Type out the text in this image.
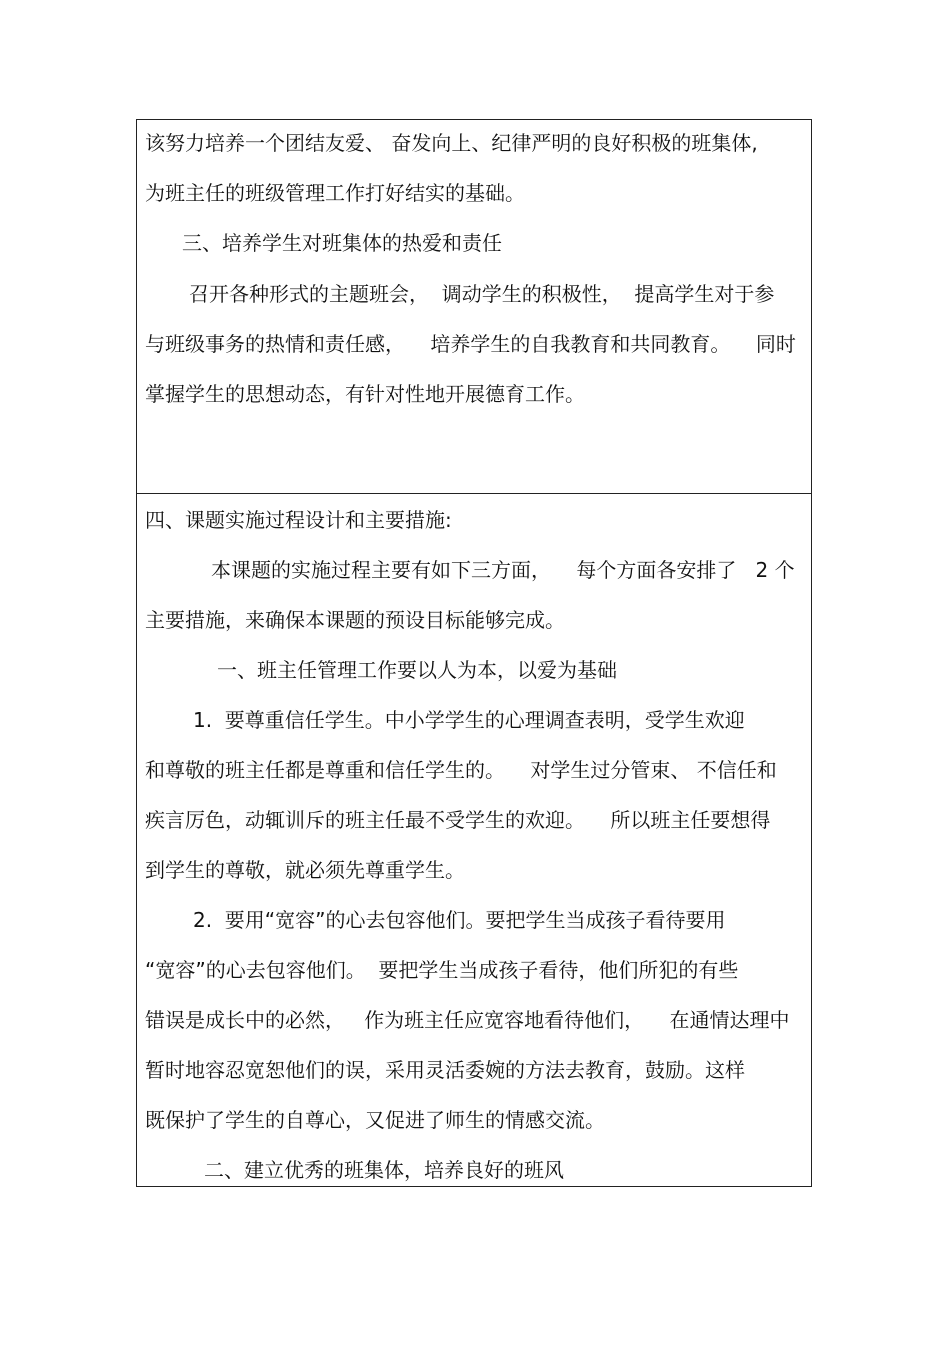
该努力培养一个团结友爱、 奋发向上、纪律严明的良好积极的班集体,
为班主任的班级管理工作打好结实的基础。
三、培养学生对班集体的热爱和责任
召开各种形式的主题班会，  调动学生的积极性，  提高学生对于参
与班级事务的热情和责任感，    培养学生的自我教育和共同教育。    同时
掌握学生的思想动态，有针对性地开展德育工作。
四、课题实施过程设计和主要措施:
本课题的实施过程主要有如下三方面，    每个方面各安排了   2 个
主要措施，来确保本课题的预设目标能够完成。
一、班主任管理工作要以人为本，以爱为基础
1.  要尊重信任学生。中小学学生的心理调查表明，受学生欢迎
和尊敬的班主任都是尊重和信任学生的。    对学生过分管束、 不信任和
疾言厉色，动辄训斥的班主任最不受学生的欢迎。    所以班主任要想得
到学生的尊敬，就必须先尊重学生。
2.  要用“宽容”的心去包容他们。要把学生当成孩子看待要用
“宽容”的心去包容他们。  要把学生当成孩子看待，他们所犯的有些
错误是成长中的必然，   作为班主任应宽容地看待他们，    在通情达理中
暂时地容忍宽恕他们的误，采用灵活委婉的方法去教育，鼓励。这样
既保护了学生的自尊心，又促进了师生的情感交流。
二、建立优秀的班集体，培养良好的班风
